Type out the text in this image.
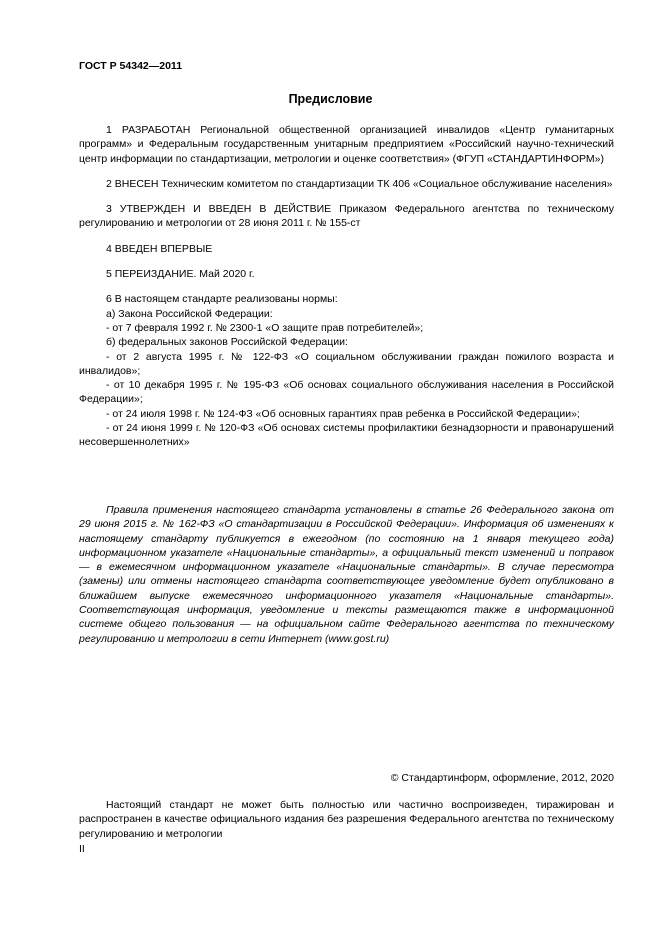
ГОСТ Р 54342—2011
Предисловие

1 РАЗРАБОТАН Региональной общественной организацией инвалидов «Центр гуманитарных программ» и Федеральным государственным унитарным предприятием «Российский научно-технический центр информации по стандартизации, метрологии и оценке соответствия» (ФГУП «СТАНДАРТИНФОРМ»)

2 ВНЕСЕН Техническим комитетом по стандартизации ТК 406 «Социальное обслуживание населения»

3 УТВЕРЖДЕН И ВВЕДЕН В ДЕЙСТВИЕ Приказом Федерального агентства по техническому регулированию и метрологии от 28 июня 2011 г. № 155-ст

4 ВВЕДЕН ВПЕРВЫЕ

5 ПЕРЕИЗДАНИЕ. Май 2020 г.

6 В настоящем стандарте реализованы нормы:

а) Закона Российской Федерации:

- от 7 февраля 1992 г. № 2300-1 «О защите прав потребителей»;

б) федеральных законов Российской Федерации:

- от 2 августа 1995 г. № 122-ФЗ «О социальном обслуживании граждан пожилого возраста и инвалидов»;

- от 10 декабря 1995 г. № 195-ФЗ «Об основах социального обслуживания населения в Российской Федерации»;

- от 24 июля 1998 г. № 124-ФЗ «Об основных гарантиях прав ребенка в Российской Федерации»;

- от 24 июня 1999 г. № 120-ФЗ «Об основах системы профилактики безнадзорности и правонарушений несовершеннолетних»

Правила применения настоящего стандарта установлены в статье 26 Федерального закона от 29 июня 2015 г. № 162-ФЗ «О стандартизации в Российской Федерации». Информация об изменениях к настоящему стандарту публикуется в ежегодном (по состоянию на 1 января текущего года) информационном указателе «Национальные стандарты», а официальный текст изменений и поправок — в ежемесячном информационном указателе «Национальные стандарты». В случае пересмотра (замены) или отмены настоящего стандарта соответствующее уведомление будет опубликовано в ближайшем выпуске ежемесячного информационного указателя «Национальные стандарты». Соответствующая информация, уведомление и тексты размещаются также в информационной системе общего пользования — на официальном сайте Федерального агентства по техническому регулированию и метрологии в сети Интернет (www.gost.ru)

© Стандартинформ, оформление, 2012, 2020

Настоящий стандарт не может быть полностью или частично воспроизведен, тиражирован и распространен в качестве официального издания без разрешения Федерального агентства по техническому регулированию и метрологии

II
